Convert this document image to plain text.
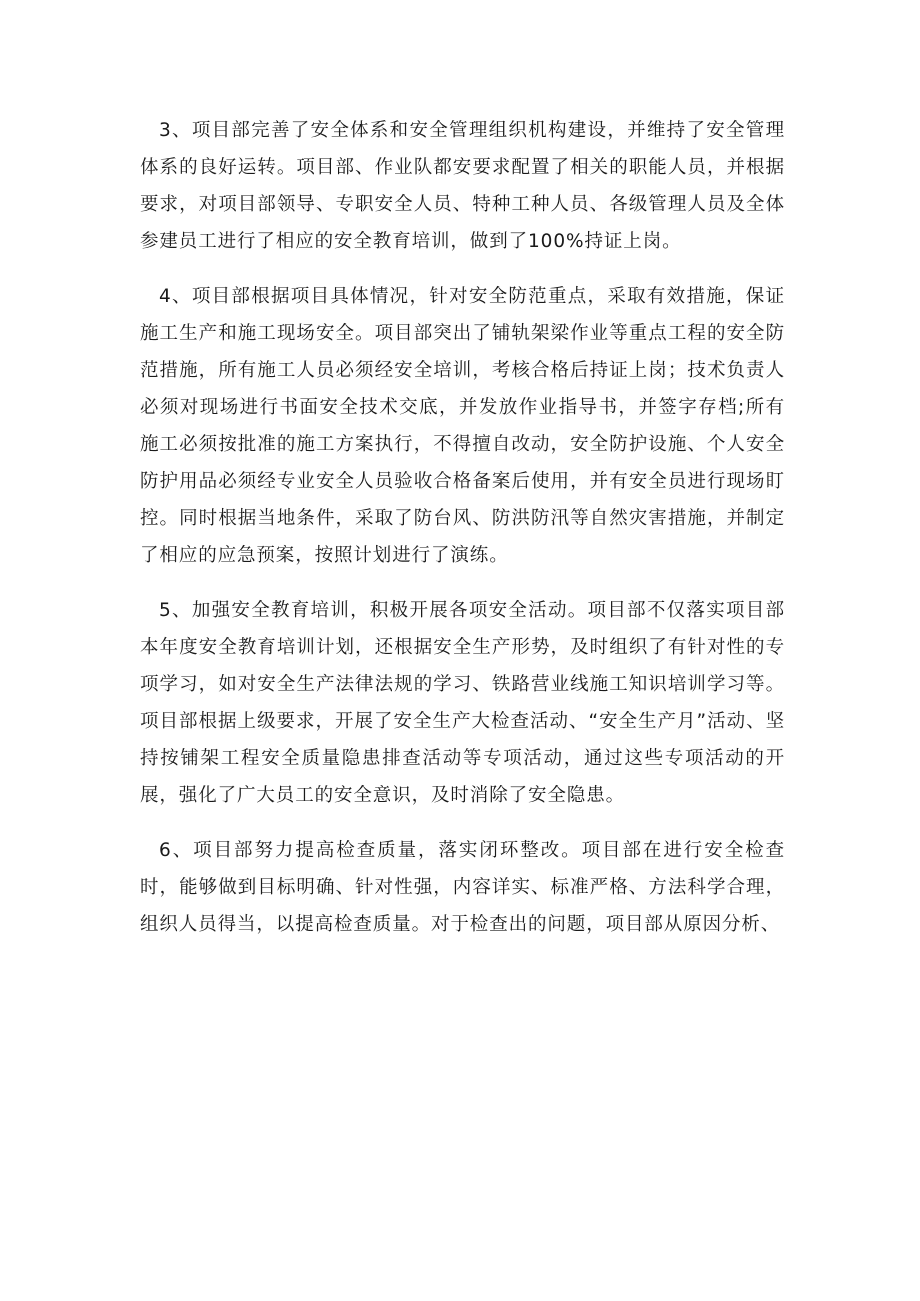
3、项目部完善了安全体系和安全管理组织机构建设，并维持了安全管理体系的良好运转。项目部、作业队都安要求配置了相关的职能人员，并根据要求，对项目部领导、专职安全人员、特种工种人员、各级管理人员及全体参建员工进行了相应的安全教育培训，做到了100%持证上岗。

4、项目部根据项目具体情况，针对安全防范重点，采取有效措施，保证施工生产和施工现场安全。项目部突出了铺轨架梁作业等重点工程的安全防范措施，所有施工人员必须经安全培训，考核合格后持证上岗；技术负责人必须对现场进行书面安全技术交底，并发放作业指导书，并签字存档;所有施工必须按批准的施工方案执行，不得擅自改动，安全防护设施、个人安全防护用品必须经专业安全人员验收合格备案后使用，并有安全员进行现场盯控。同时根据当地条件，采取了防台风、防洪防汛等自然灾害措施，并制定了相应的应急预案，按照计划进行了演练。

5、加强安全教育培训，积极开展各项安全活动。项目部不仅落实项目部本年度安全教育培训计划，还根据安全生产形势，及时组织了有针对性的专项学习，如对安全生产法律法规的学习、铁路营业线施工知识培训学习等。项目部根据上级要求，开展了安全生产大检查活动、“安全生产月”活动、坚持按铺架工程安全质量隐患排查活动等专项活动，通过这些专项活动的开展，强化了广大员工的安全意识，及时消除了安全隐患。

6、项目部努力提高检查质量，落实闭环整改。项目部在进行安全检查时，能够做到目标明确、针对性强，内容详实、标准严格、方法科学合理，组织人员得当，以提高检查质量。对于检查出的问题，项目部从原因分析、
